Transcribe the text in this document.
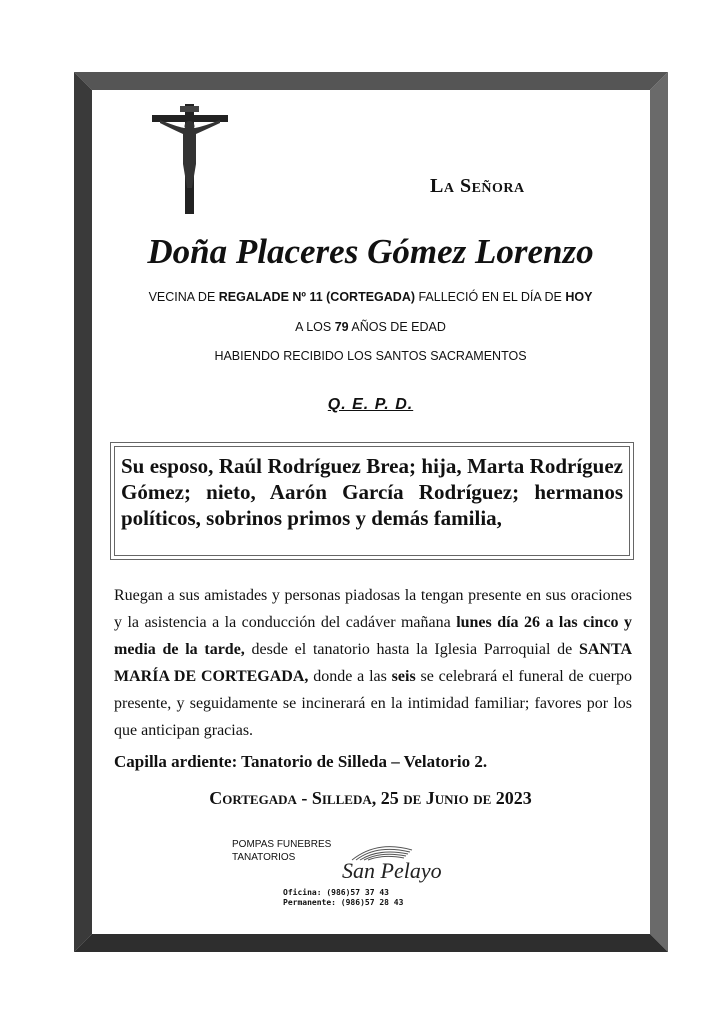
La Señora
Doña Placeres Gómez Lorenzo
VECINA DE REGALADE Nº 11 (CORTEGADA) FALLECIÓ EN EL DÍA DE HOY
A LOS 79 AÑOS DE EDAD
HABIENDO RECIBIDO LOS SANTOS SACRAMENTOS
Q. E. P. D.
Su esposo, Raúl Rodríguez Brea; hija, Marta Rodríguez Gómez; nieto, Aarón García Rodríguez; hermanos políticos, sobrinos primos y demás familia,
Ruegan a sus amistades y personas piadosas la tengan presente en sus oraciones y la asistencia a la conducción del cadáver mañana lunes día 26 a las cinco y media de la tarde, desde el tanatorio hasta la Iglesia Parroquial de SANTA MARÍA DE CORTEGADA, donde a las seis se celebrará el funeral de cuerpo presente, y seguidamente se incinerará en la intimidad familiar; favores por los que anticipan gracias.
Capilla ardiente: Tanatorio de Silleda – Velatorio 2.
Cortegada - Silleda, 25 de Junio de 2023
POMPAS FUNEBRES
TANATORIOS
San Pelayo
Oficina: (986)57 37 43
Permanente: (986)57 28 43
